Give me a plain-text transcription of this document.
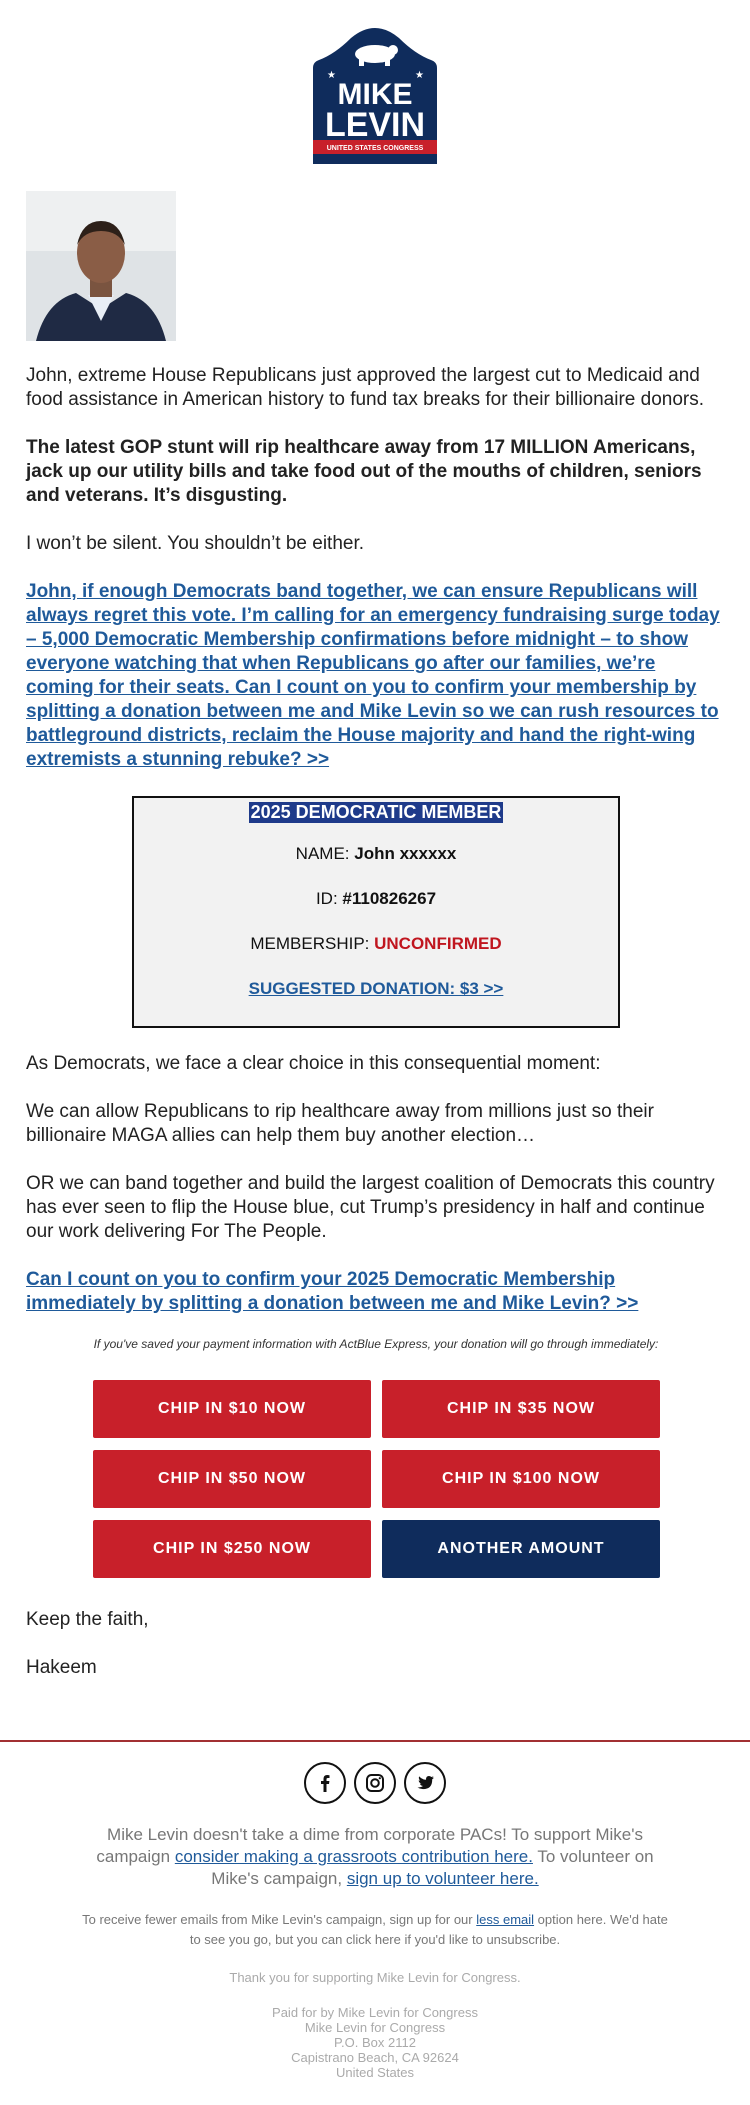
★	★
MIKE
LEVIN
UNITED STATES CONGRESS

John, extreme House Republicans just approved the largest cut to Medicaid and food assistance in American history to fund tax breaks for their billionaire donors.

The latest GOP stunt will rip healthcare away from 17 MILLION Americans, jack up our utility bills and take food out of the mouths of children, seniors and veterans. It’s disgusting.

I won’t be silent. You shouldn’t be either.

John, if enough Democrats band together, we can ensure Republicans will always regret this vote. I’m calling for an emergency fundraising surge today – 5,000 Democratic Membership confirmations before midnight – to show everyone watching that when Republicans go after our families, we’re coming for their seats. Can I count on you to confirm your membership by splitting a donation between me and Mike Levin so we can rush resources to battleground districts, reclaim the House majority and hand the right-wing extremists a stunning rebuke? >>

2025 DEMOCRATIC MEMBER

NAME: John xxxxxx

ID: #110826267

MEMBERSHIP: UNCONFIRMED

SUGGESTED DONATION: $3 >>

As Democrats, we face a clear choice in this consequential moment:

We can allow Republicans to rip healthcare away from millions just so their billionaire MAGA allies can help them buy another election…

OR we can band together and build the largest coalition of Democrats this country has ever seen to flip the House blue, cut Trump’s presidency in half and continue our work delivering For The People.

Can I count on you to confirm your 2025 Democratic Membership immediately by splitting a donation between me and Mike Levin? >>

If you've saved your payment information with ActBlue Express, your donation will go through immediately:

CHIP IN $10 NOW	CHIP IN $35 NOW
CHIP IN $50 NOW	CHIP IN $100 NOW
CHIP IN $250 NOW	ANOTHER AMOUNT

Keep the faith,

Hakeem

Mike Levin doesn't take a dime from corporate PACs! To support Mike's campaign consider making a grassroots contribution here. To volunteer on Mike's campaign, sign up to volunteer here.
To receive fewer emails from Mike Levin's campaign, sign up for our less email option here. We'd hate to see you go, but you can click here if you'd like to unsubscribe.
Thank you for supporting Mike Levin for Congress.
Paid for by Mike Levin for Congress
Mike Levin for Congress
P.O. Box 2112
Capistrano Beach, CA 92624
United States
